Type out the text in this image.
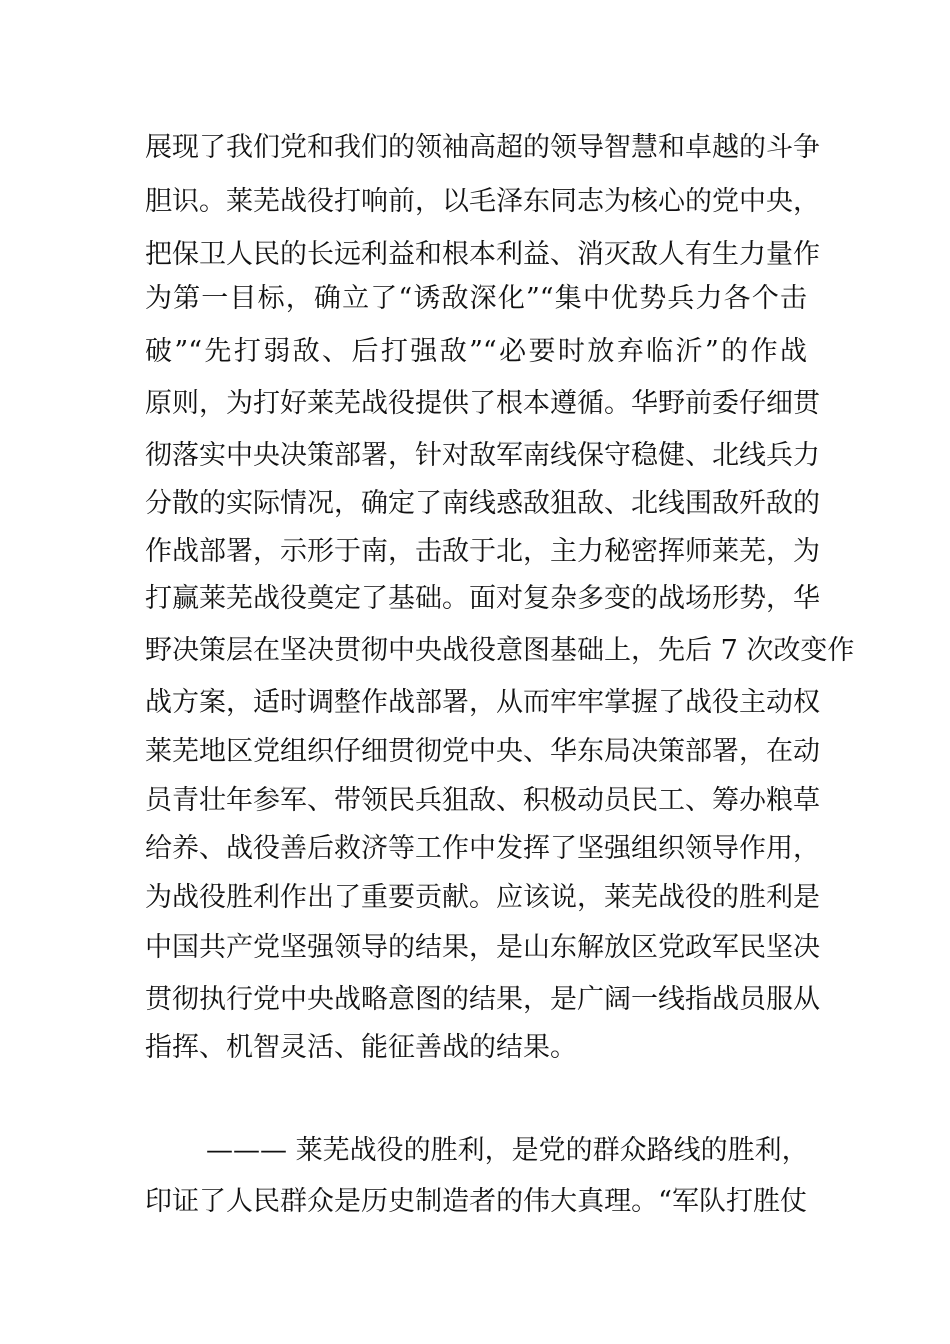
展现了我们党和我们的领袖高超的领导智慧和卓越的斗争
胆识。莱芜战役打响前，以毛泽东同志为核心的党中央，
把保卫人民的长远利益和根本利益、消灭敌人有生力量作
为第一目标，确立了“诱敌深化”“集中优势兵力各个击
破”“先打弱敌、后打强敌”“必要时放弃临沂”的作战
原则，为打好莱芜战役提供了根本遵循。华野前委仔细贯
彻落实中央决策部署，针对敌军南线保守稳健、北线兵力
分散的实际情况，确定了南线惑敌狙敌、北线围敌歼敌的
作战部署，示形于南，击敌于北，主力秘密挥师莱芜，为
打赢莱芜战役奠定了基础。面对复杂多变的战场形势，华
野决策层在坚决贯彻中央战役意图基础上，先后 7 次改变作
战方案，适时调整作战部署，从而牢牢掌握了战役主动权
莱芜地区党组织仔细贯彻党中央、华东局决策部署，在动
员青壮年参军、带领民兵狙敌、积极动员民工、筹办粮草
给养、战役善后救济等工作中发挥了坚强组织领导作用，
为战役胜利作出了重要贡献。应该说，莱芜战役的胜利是
中国共产党坚强领导的结果，是山东解放区党政军民坚决
贯彻执行党中央战略意图的结果，是广阔一线指战员服从
指挥、机智灵活、能征善战的结果。
——— 莱芜战役的胜利，是党的群众路线的胜利，
印证了人民群众是历史制造者的伟大真理。“军队打胜仗
